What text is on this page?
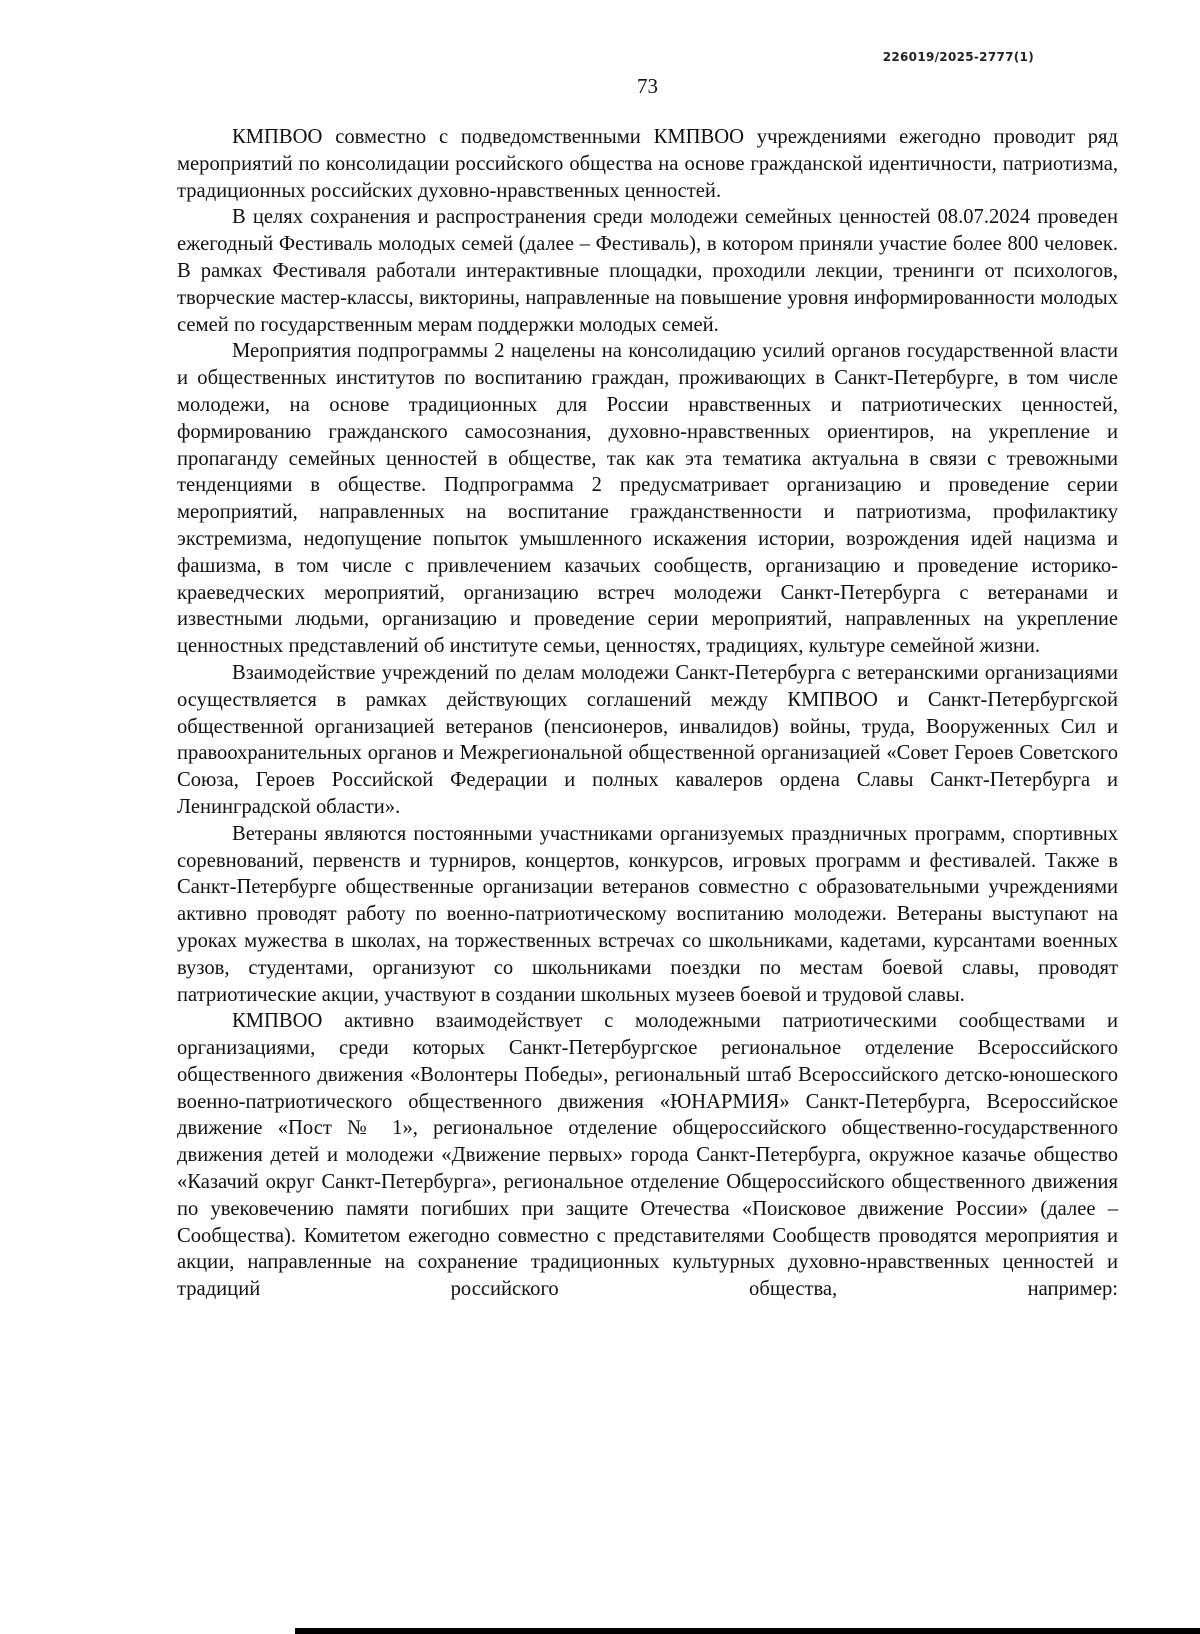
226019/2025-2777(1)
73

КМПВОО совместно с подведомственными КМПВОО учреждениями ежегодно проводит ряд мероприятий по консолидации российского общества на основе гражданской идентичности, патриотизма, традиционных российских духовно-нравственных ценностей.

В целях сохранения и распространения среди молодежи семейных ценностей 08.07.2024 проведен ежегодный Фестиваль молодых семей (далее – Фестиваль), в котором приняли участие более 800 человек. В рамках Фестиваля работали интерактивные площадки, проходили лекции, тренинги от психологов, творческие мастер-классы, викторины, направленные на повышение уровня информированности молодых семей по государственным мерам поддержки молодых семей.

Мероприятия подпрограммы 2 нацелены на консолидацию усилий органов государственной власти и общественных институтов по воспитанию граждан, проживающих в Санкт-Петербурге, в том числе молодежи, на основе традиционных для России нравственных и патриотических ценностей, формированию гражданского самосознания, духовно-нравственных ориентиров, на укрепление и пропаганду семейных ценностей в обществе, так как эта тематика актуальна в связи с тревожными тенденциями в обществе. Подпрограмма 2 предусматривает организацию и проведение серии мероприятий, направленных на воспитание гражданственности и патриотизма, профилактику экстремизма, недопущение попыток умышленного искажения истории, возрождения идей нацизма и фашизма, в том числе с привлечением казачьих сообществ, организацию и проведение историко-краеведческих мероприятий, организацию встреч молодежи Санкт-Петербурга с ветеранами и известными людьми, организацию и проведение серии мероприятий, направленных на укрепление ценностных представлений об институте семьи, ценностях, традициях, культуре семейной жизни.

Взаимодействие учреждений по делам молодежи Санкт-Петербурга с ветеранскими организациями осуществляется в рамках действующих соглашений между КМПВОО и Санкт-Петербургской общественной организацией ветеранов (пенсионеров, инвалидов) войны, труда, Вооруженных Сил и правоохранительных органов и Межрегиональной общественной организацией «Совет Героев Советского Союза, Героев Российской Федерации и полных кавалеров ордена Славы Санкт-Петербурга и Ленинградской области».

Ветераны являются постоянными участниками организуемых праздничных программ, спортивных соревнований, первенств и турниров, концертов, конкурсов, игровых программ и фестивалей. Также в Санкт-Петербурге общественные организации ветеранов совместно с образовательными учреждениями активно проводят работу по военно-патриотическому воспитанию молодежи. Ветераны выступают на уроках мужества в школах, на торжественных встречах со школьниками, кадетами, курсантами военных вузов, студентами, организуют со школьниками поездки по местам боевой славы, проводят патриотические акции, участвуют в создании школьных музеев боевой и трудовой славы.

КМПВОО активно взаимодействует с молодежными патриотическими сообществами и организациями, среди которых Санкт-Петербургское региональное отделение Всероссийского общественного движения «Волонтеры Победы», региональный штаб Всероссийского детско-юношеского военно-патриотического общественного движения «ЮНАРМИЯ» Санкт-Петербурга, Всероссийское движение «Пост № 1», региональное отделение общероссийского общественно-государственного движения детей и молодежи «Движение первых» города Санкт-Петербурга, окружное казачье общество «Казачий округ Санкт-Петербурга», региональное отделение Общероссийского общественного движения по увековечению памяти погибших при защите Отечества «Поисковое движение России» (далее – Сообщества). Комитетом ежегодно совместно с представителями Сообществ проводятся мероприятия и акции, направленные на сохранение традиционных культурных духовно-нравственных ценностей и традиций российского общества, например:
